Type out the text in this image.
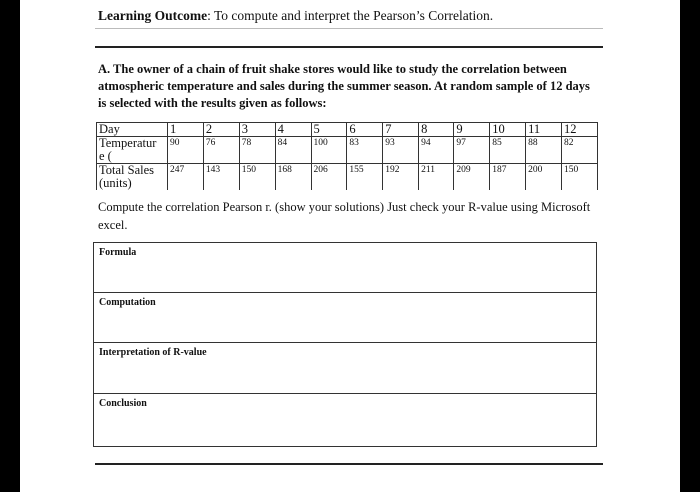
Learning Outcome: To compute and interpret the Pearson’s Correlation.
A. The owner of a chain of fruit shake stores would like to study the correlation between atmospheric temperature and sales during the summer season. At random sample of 12 days is selected with the results given as follows:
Day	1	2	3	4	5	6	7	8	9	10	11	12
Temperatur
e (	90	76	78	84	100	83	93	94	97	85	88	82
Total Sales
(units)	247	143	150	168	206	155	192	211	209	187	200	150
Compute the correlation Pearson r. (show your solutions) Just check your R-value using Microsoft excel.
Formula
Computation
Interpretation of R-value
Conclusion
